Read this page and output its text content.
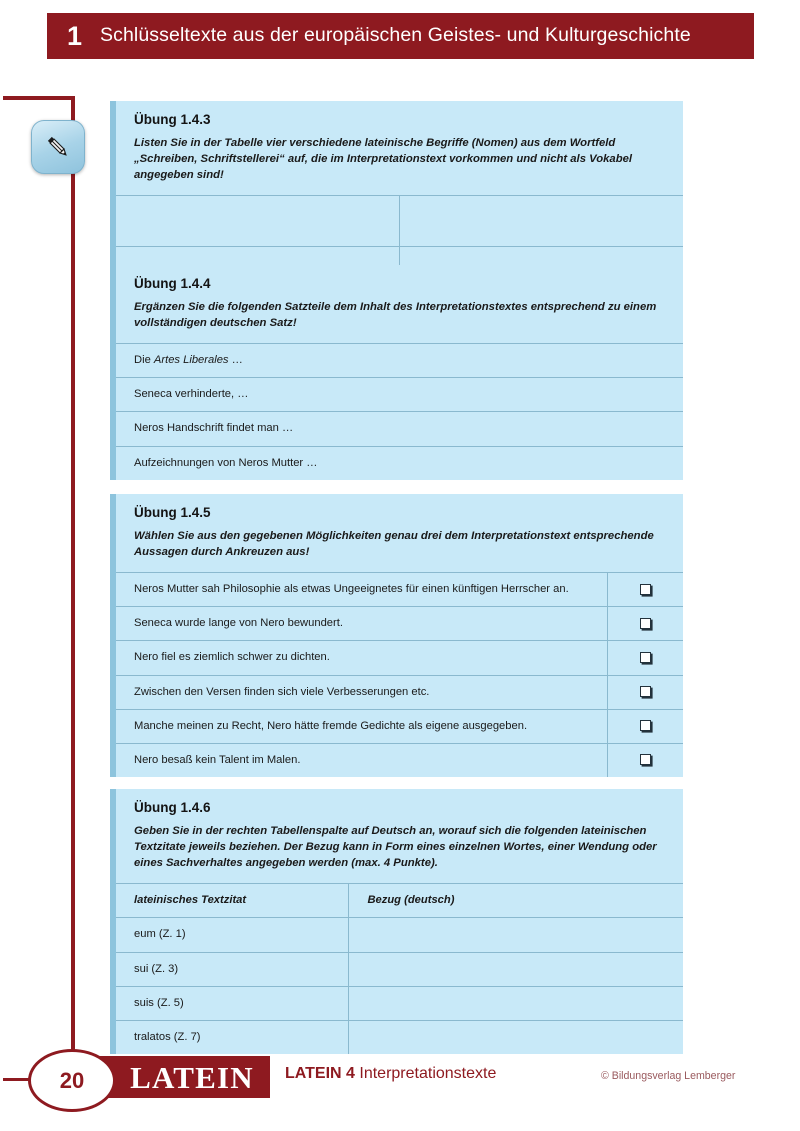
1 Schlüsseltexte aus der europäischen Geistes- und Kulturgeschichte
Übung 1.4.3
Listen Sie in der Tabelle vier verschiedene lateinische Begriffe (Nomen) aus dem Wortfeld „Schreiben, Schriftstellerei“ auf, die im Interpretationstext vorkommen und nicht als Vokabel angegeben sind!

Übung 1.4.4
Ergänzen Sie die folgenden Satzteile dem Inhalt des Interpretationstextes entsprechend zu einem vollständigen deutschen Satz!
Die Artes Liberales …
Seneca verhinderte, …
Neros Handschrift findet man …
Aufzeichnungen von Neros Mutter …
Übung 1.4.5
Wählen Sie aus den gegebenen Möglichkeiten genau drei dem Interpretationstext entsprechende Aussagen durch Ankreuzen aus!
Neros Mutter sah Philosophie als etwas Ungeeignetes für einen künftigen Herrscher an.	
Seneca wurde lange von Nero bewundert.	
Nero fiel es ziemlich schwer zu dichten.	
Zwischen den Versen finden sich viele Verbesserungen etc.	
Manche meinen zu Recht, Nero hätte fremde Gedichte als eigene ausgegeben.	
Nero besaß kein Talent im Malen.	
Übung 1.4.6
Geben Sie in der rechten Tabellenspalte auf Deutsch an, worauf sich die folgenden lateinischen Textzitate jeweils beziehen. Der Bezug kann in Form eines einzelnen Wortes, einer Wendung oder eines Sachverhaltes angegeben werden (max. 4 Punkte).
lateinisches Textzitat	Bezug (deutsch)
eum (Z. 1)	
sui (Z. 3)	
suis (Z. 5)	
tralatos (Z. 7)	
LATEIN
20	LATEIN 4 Interpretationstexte	© Bildungsverlag Lemberger
